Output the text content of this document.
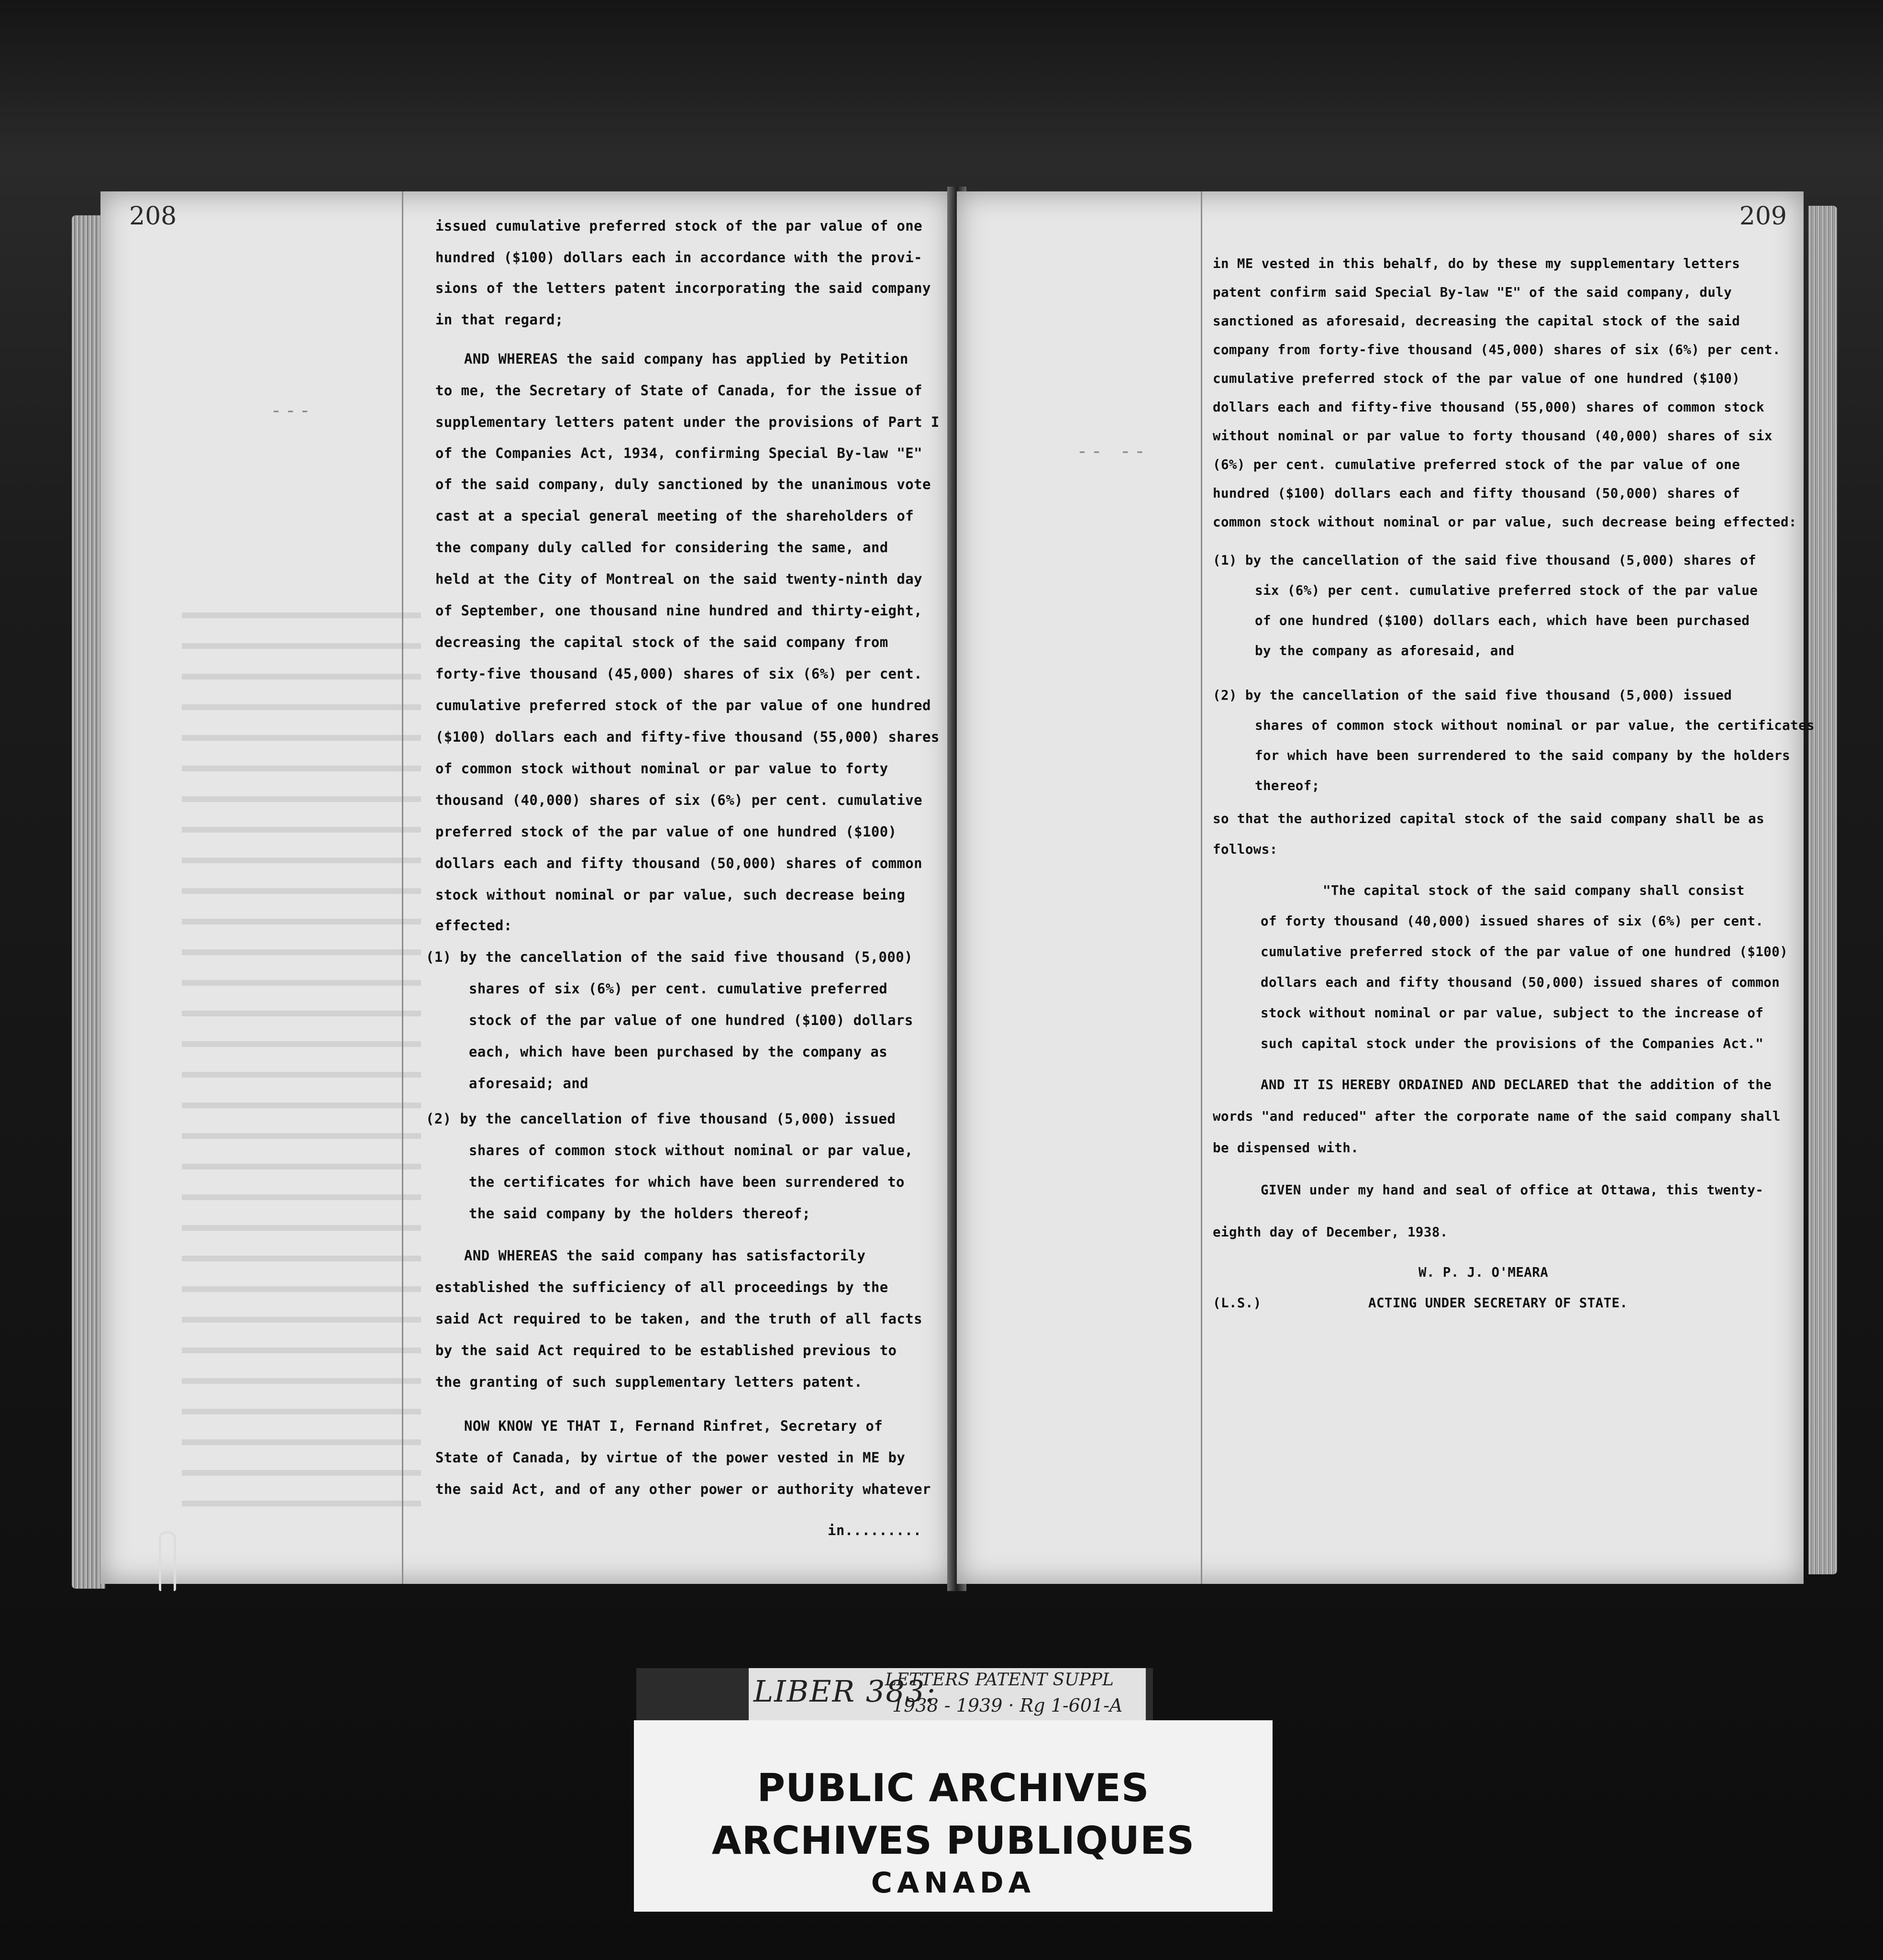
208
---
issued cumulative preferred stock of the par value of one
hundred ($100) dollars each in accordance with the provi-
sions of the letters patent incorporating the said company
in that regard;
AND WHEREAS the said company has applied by Petition
to me, the Secretary of State of Canada, for the issue of
supplementary letters patent under the provisions of Part I
of the Companies Act, 1934, confirming Special By-law "E"
of the said company, duly sanctioned by the unanimous vote
cast at a special general meeting of the shareholders of
the company duly called for considering the same, and
held at the City of Montreal on the said twenty-ninth day
of September, one thousand nine hundred and thirty-eight,
decreasing the capital stock of the said company from
forty-five thousand (45,000) shares of six (6%) per cent.
cumulative preferred stock of the par value of one hundred
($100) dollars each and fifty-five thousand (55,000) shares
of common stock without nominal or par value to forty
thousand (40,000) shares of six (6%) per cent. cumulative
preferred stock of the par value of one hundred ($100)
dollars each and fifty thousand (50,000) shares of common
stock without nominal or par value, such decrease being
effected:
(1) by the cancellation of the said five thousand (5,000)
shares of six (6%) per cent. cumulative preferred
stock of the par value of one hundred ($100) dollars
each, which have been purchased by the company as
aforesaid; and
(2) by the cancellation of five thousand (5,000) issued
shares of common stock without nominal or par value,
the certificates for which have been surrendered to
the said company by the holders thereof;
AND WHEREAS the said company has satisfactorily
established the sufficiency of all proceedings by the
said Act required to be taken, and the truth of all facts
by the said Act required to be established previous to
the granting of such supplementary letters patent.
NOW KNOW YE THAT I, Fernand Rinfret, Secretary of
State of Canada, by virtue of the power vested in ME by
the said Act, and of any other power or authority whatever
in.........
209
-- --
in ME vested in this behalf, do by these my supplementary letters
patent confirm said Special By-law "E" of the said company, duly
sanctioned as aforesaid, decreasing the capital stock of the said
company from forty-five thousand (45,000) shares of six (6%) per cent.
cumulative preferred stock of the par value of one hundred ($100)
dollars each and fifty-five thousand (55,000) shares of common stock
without nominal or par value to forty thousand (40,000) shares of six
(6%) per cent. cumulative preferred stock of the par value of one
hundred ($100) dollars each and fifty thousand (50,000) shares of
common stock without nominal or par value, such decrease being effected:
(1) by the cancellation of the said five thousand (5,000) shares of
six (6%) per cent. cumulative preferred stock of the par value
of one hundred ($100) dollars each, which have been purchased
by the company as aforesaid, and
(2) by the cancellation of the said five thousand (5,000) issued
shares of common stock without nominal or par value, the certificates
for which have been surrendered to the said company by the holders
thereof;
so that the authorized capital stock of the said company shall be as
follows:
"The capital stock of the said company shall consist
of forty thousand (40,000) issued shares of six (6%) per cent.
cumulative preferred stock of the par value of one hundred ($100)
dollars each and fifty thousand (50,000) issued shares of common
stock without nominal or par value, subject to the increase of
such capital stock under the provisions of the Companies Act."
AND IT IS HEREBY ORDAINED AND DECLARED that the addition of the
words "and reduced" after the corporate name of the said company shall
be dispensed with.
GIVEN under my hand and seal of office at Ottawa, this twenty-
eighth day of December, 1938.
W. P. J. O'MEARA
(L.S.)	ACTING UNDER SECRETARY OF STATE.
LIBER 383:
LETTERS PATENT SUPPL
1938 - 1939 · Rg 1-601-A
PUBLIC ARCHIVES
ARCHIVES PUBLIQUES
CANADA
